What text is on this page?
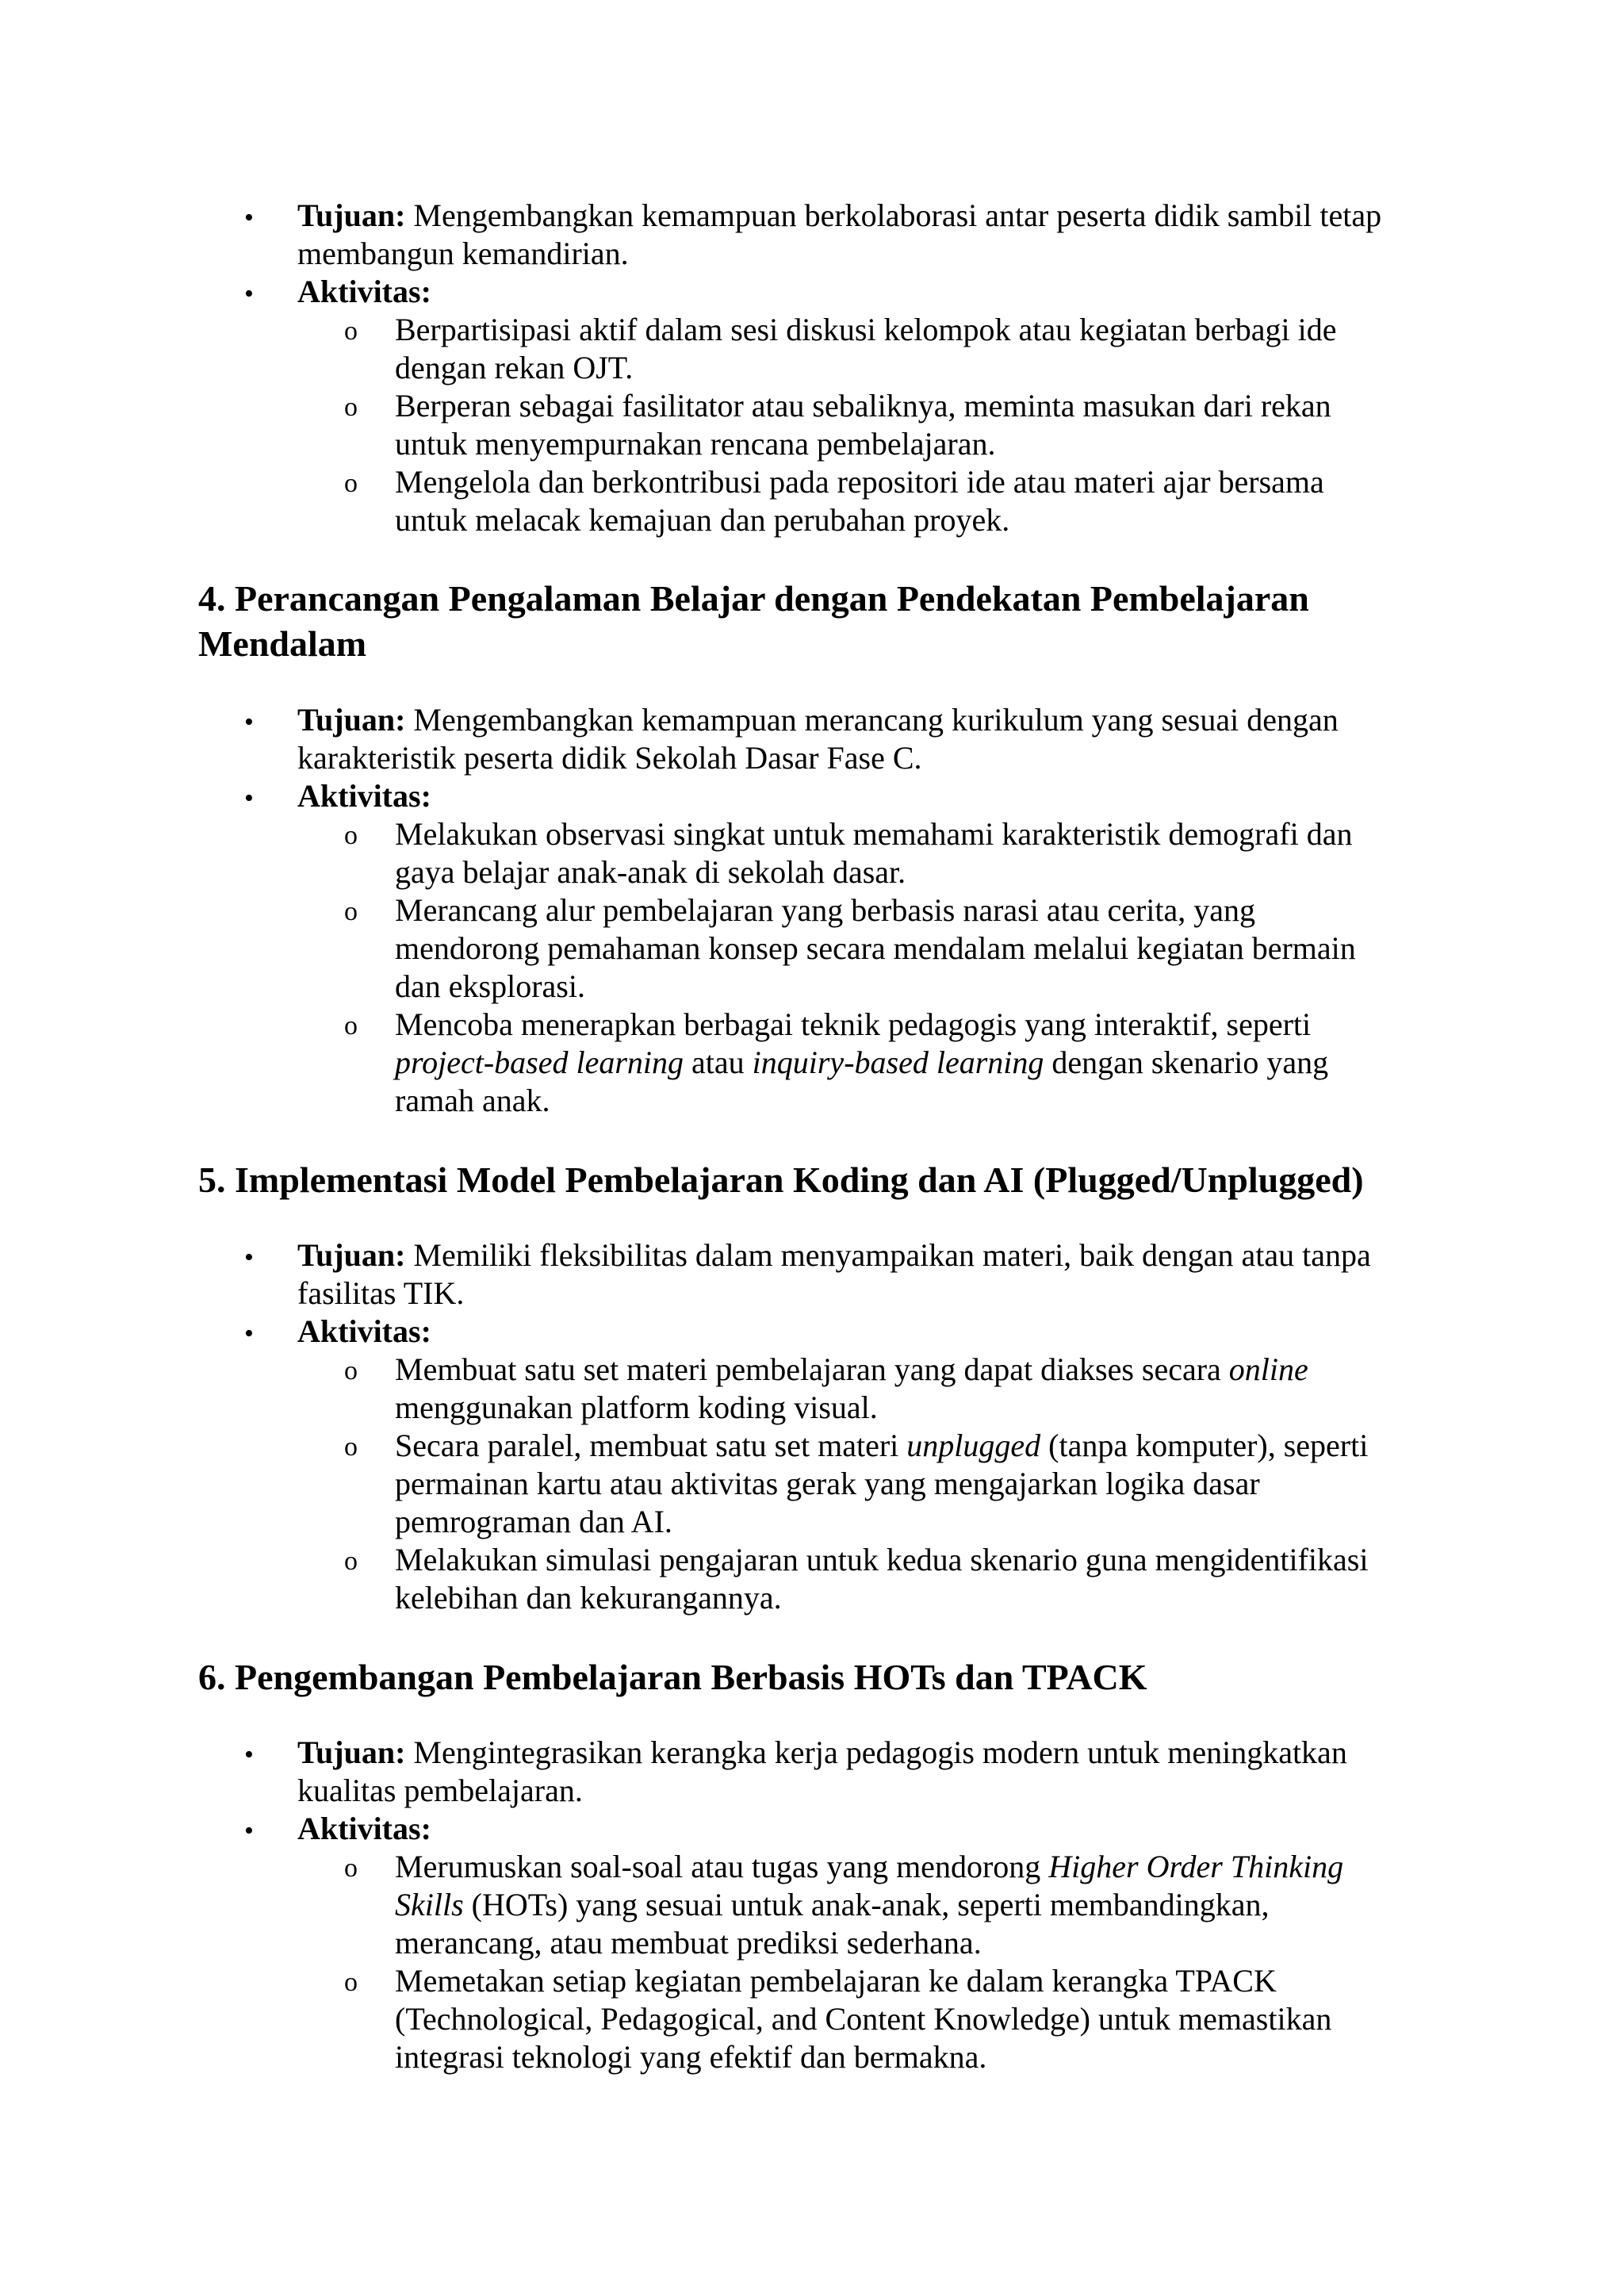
• Tujuan: Mengembangkan kemampuan berkolaborasi antar peserta didik sambil tetap
membangun kemandirian.
• Aktivitas:
o Berpartisipasi aktif dalam sesi diskusi kelompok atau kegiatan berbagi ide
dengan rekan OJT.
o Berperan sebagai fasilitator atau sebaliknya, meminta masukan dari rekan
untuk menyempurnakan rencana pembelajaran.
o Mengelola dan berkontribusi pada repositori ide atau materi ajar bersama
untuk melacak kemajuan dan perubahan proyek.
4. Perancangan Pengalaman Belajar dengan Pendekatan Pembelajaran
Mendalam
• Tujuan: Mengembangkan kemampuan merancang kurikulum yang sesuai dengan
karakteristik peserta didik Sekolah Dasar Fase C.
• Aktivitas:
o Melakukan observasi singkat untuk memahami karakteristik demografi dan
gaya belajar anak-anak di sekolah dasar.
o Merancang alur pembelajaran yang berbasis narasi atau cerita, yang
mendorong pemahaman konsep secara mendalam melalui kegiatan bermain
dan eksplorasi.
o Mencoba menerapkan berbagai teknik pedagogis yang interaktif, seperti
project-based learning atau inquiry-based learning dengan skenario yang
ramah anak.
5. Implementasi Model Pembelajaran Koding dan AI (Plugged/Unplugged)
• Tujuan: Memiliki fleksibilitas dalam menyampaikan materi, baik dengan atau tanpa
fasilitas TIK.
• Aktivitas:
o Membuat satu set materi pembelajaran yang dapat diakses secara online
menggunakan platform koding visual.
o Secara paralel, membuat satu set materi unplugged (tanpa komputer), seperti
permainan kartu atau aktivitas gerak yang mengajarkan logika dasar
pemrograman dan AI.
o Melakukan simulasi pengajaran untuk kedua skenario guna mengidentifikasi
kelebihan dan kekurangannya.
6. Pengembangan Pembelajaran Berbasis HOTs dan TPACK
• Tujuan: Mengintegrasikan kerangka kerja pedagogis modern untuk meningkatkan
kualitas pembelajaran.
• Aktivitas:
o Merumuskan soal-soal atau tugas yang mendorong Higher Order Thinking
Skills (HOTs) yang sesuai untuk anak-anak, seperti membandingkan,
merancang, atau membuat prediksi sederhana.
o Memetakan setiap kegiatan pembelajaran ke dalam kerangka TPACK
(Technological, Pedagogical, and Content Knowledge) untuk memastikan
integrasi teknologi yang efektif dan bermakna.
